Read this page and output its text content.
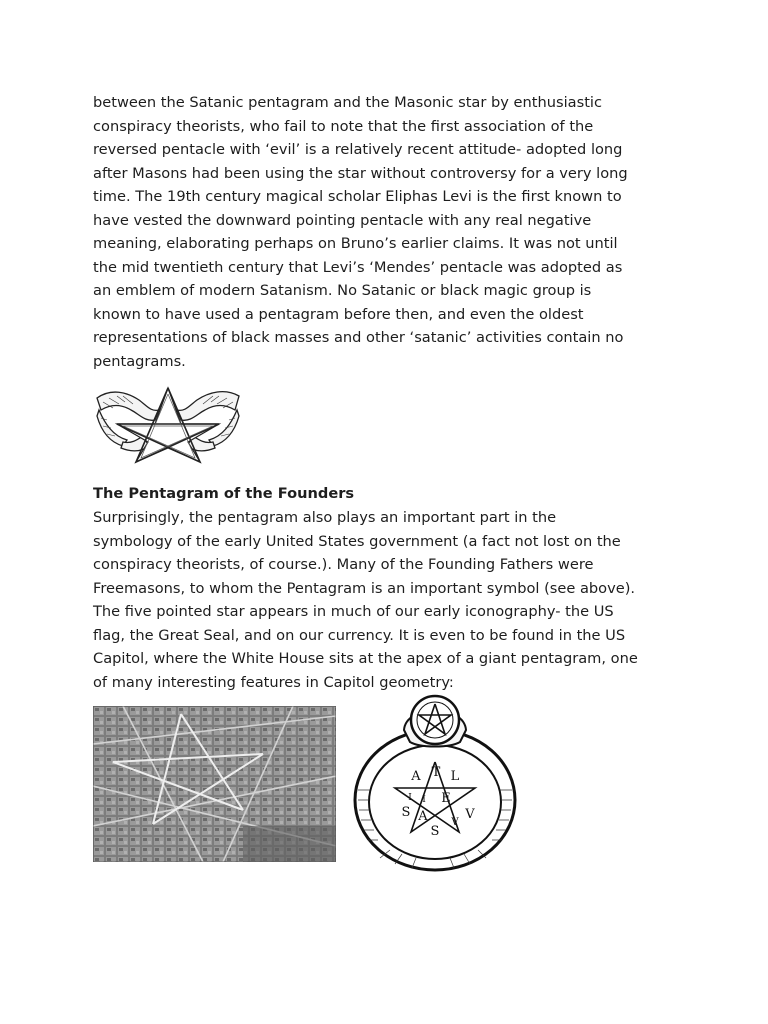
between the Satanic pentagram and the Masonic star by enthusiastic
conspiracy theorists, who fail to note that the first association of the
reversed pentacle with ‘evil’ is a relatively recent attitude- adopted long
after Masons had been using the star without controversy for a very long
time. The 19th century magical scholar Eliphas Levi is the first known to
have vested the downward pointing pentacle with any real negative
meaning, elaborating perhaps on Bruno’s earlier claims. It was not until
the mid twentieth century that Levi’s ‘Mendes’ pentacle was adopted as
an emblem of modern Satanism. No Satanic or black magic group is
known to have used a pentagram before then, and even the oldest
representations of black masses and other ‘satanic’ activities contain no
pentagrams.
The Pentagram of the Founders
Surprisingly, the pentagram also plays an important part in the
symbology of the early United States government (a fact not lost on the
conspiracy theorists, of course.). Many of the Founding Fathers were
Freemasons, to whom the Pentagram is an important symbol (see above).
The five pointed star appears in much of our early iconography- the US
flag, the Great Seal, and on our currency. It is even to be found in the US
Capitol, where the White House sits at the apex of a giant pentagram, one
of many interesting features in Capitol geometry:
A T L
E
V
S A
I
S
V
I
